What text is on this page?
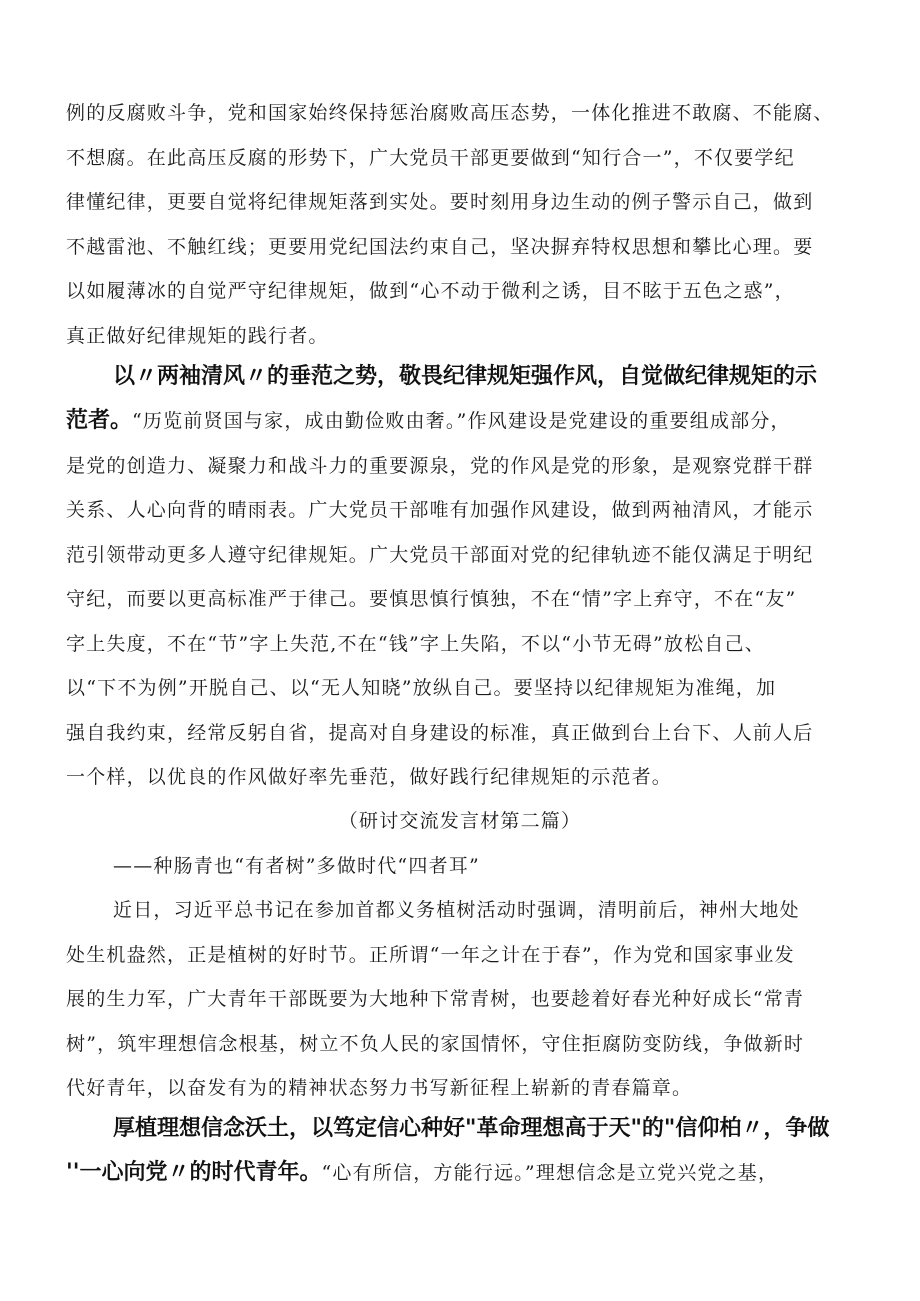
例的反腐败斗争，党和国家始终保持惩治腐败高压态势，一体化推进不敢腐、不能腐、
不想腐。在此高压反腐的形势下，广大党员干部更要做到“知行合一”，不仅要学纪
律懂纪律，更要自觉将纪律规矩落到实处。要时刻用身边生动的例子警示自己，做到
不越雷池、不触红线；更要用党纪国法约束自己，坚决摒弃特权思想和攀比心理。要
以如履薄冰的自觉严守纪律规矩，做到“心不动于微利之诱，目不眩于五色之惑”，
真正做好纪律规矩的践行者。
以〃两袖清风〃的垂范之势，敬畏纪律规矩强作风，自觉做纪律规矩的示
范者。“历览前贤国与家，成由勤俭败由奢。”作风建设是党建设的重要组成部分，
是党的创造力、凝聚力和战斗力的重要源泉，党的作风是党的形象，是观察党群干群
关系、人心向背的晴雨表。广大党员干部唯有加强作风建设，做到两袖清风，才能示
范引领带动更多人遵守纪律规矩。广大党员干部面对党的纪律轨迹不能仅满足于明纪
守纪，而要以更高标准严于律己。要慎思慎行慎独，不在“情”字上弃守，不在“友”
字上失度，不在“节”字上失范,不在“钱”字上失陷，不以“小节无碍”放松自己、
以“下不为例”开脱自己、以“无人知晓”放纵自己。要坚持以纪律规矩为准绳，加
强自我约束，经常反躬自省，提高对自身建设的标准，真正做到台上台下、人前人后
一个样，以优良的作风做好率先垂范，做好践行纪律规矩的示范者。
（研讨交流发言材第二篇）
——种肠青也“有者树”多做时代“四者耳”
近日，习近平总书记在参加首都义务植树活动时强调，清明前后，神州大地处
处生机盎然，正是植树的好时节。正所谓“一年之计在于春”，作为党和国家事业发
展的生力军，广大青年干部既要为大地种下常青树，也要趁着好春光种好成长“常青
树”，筑牢理想信念根基，树立不负人民的家国情怀，守住拒腐防变防线，争做新时
代好青年，以奋发有为的精神状态努力书写新征程上崭新的青春篇章。
厚植理想信念沃土，以笃定信心种好"革命理想高于天"的"信仰柏〃，争做
''一心向党〃的时代青年。“心有所信，方能行远。”理想信念是立党兴党之基，
